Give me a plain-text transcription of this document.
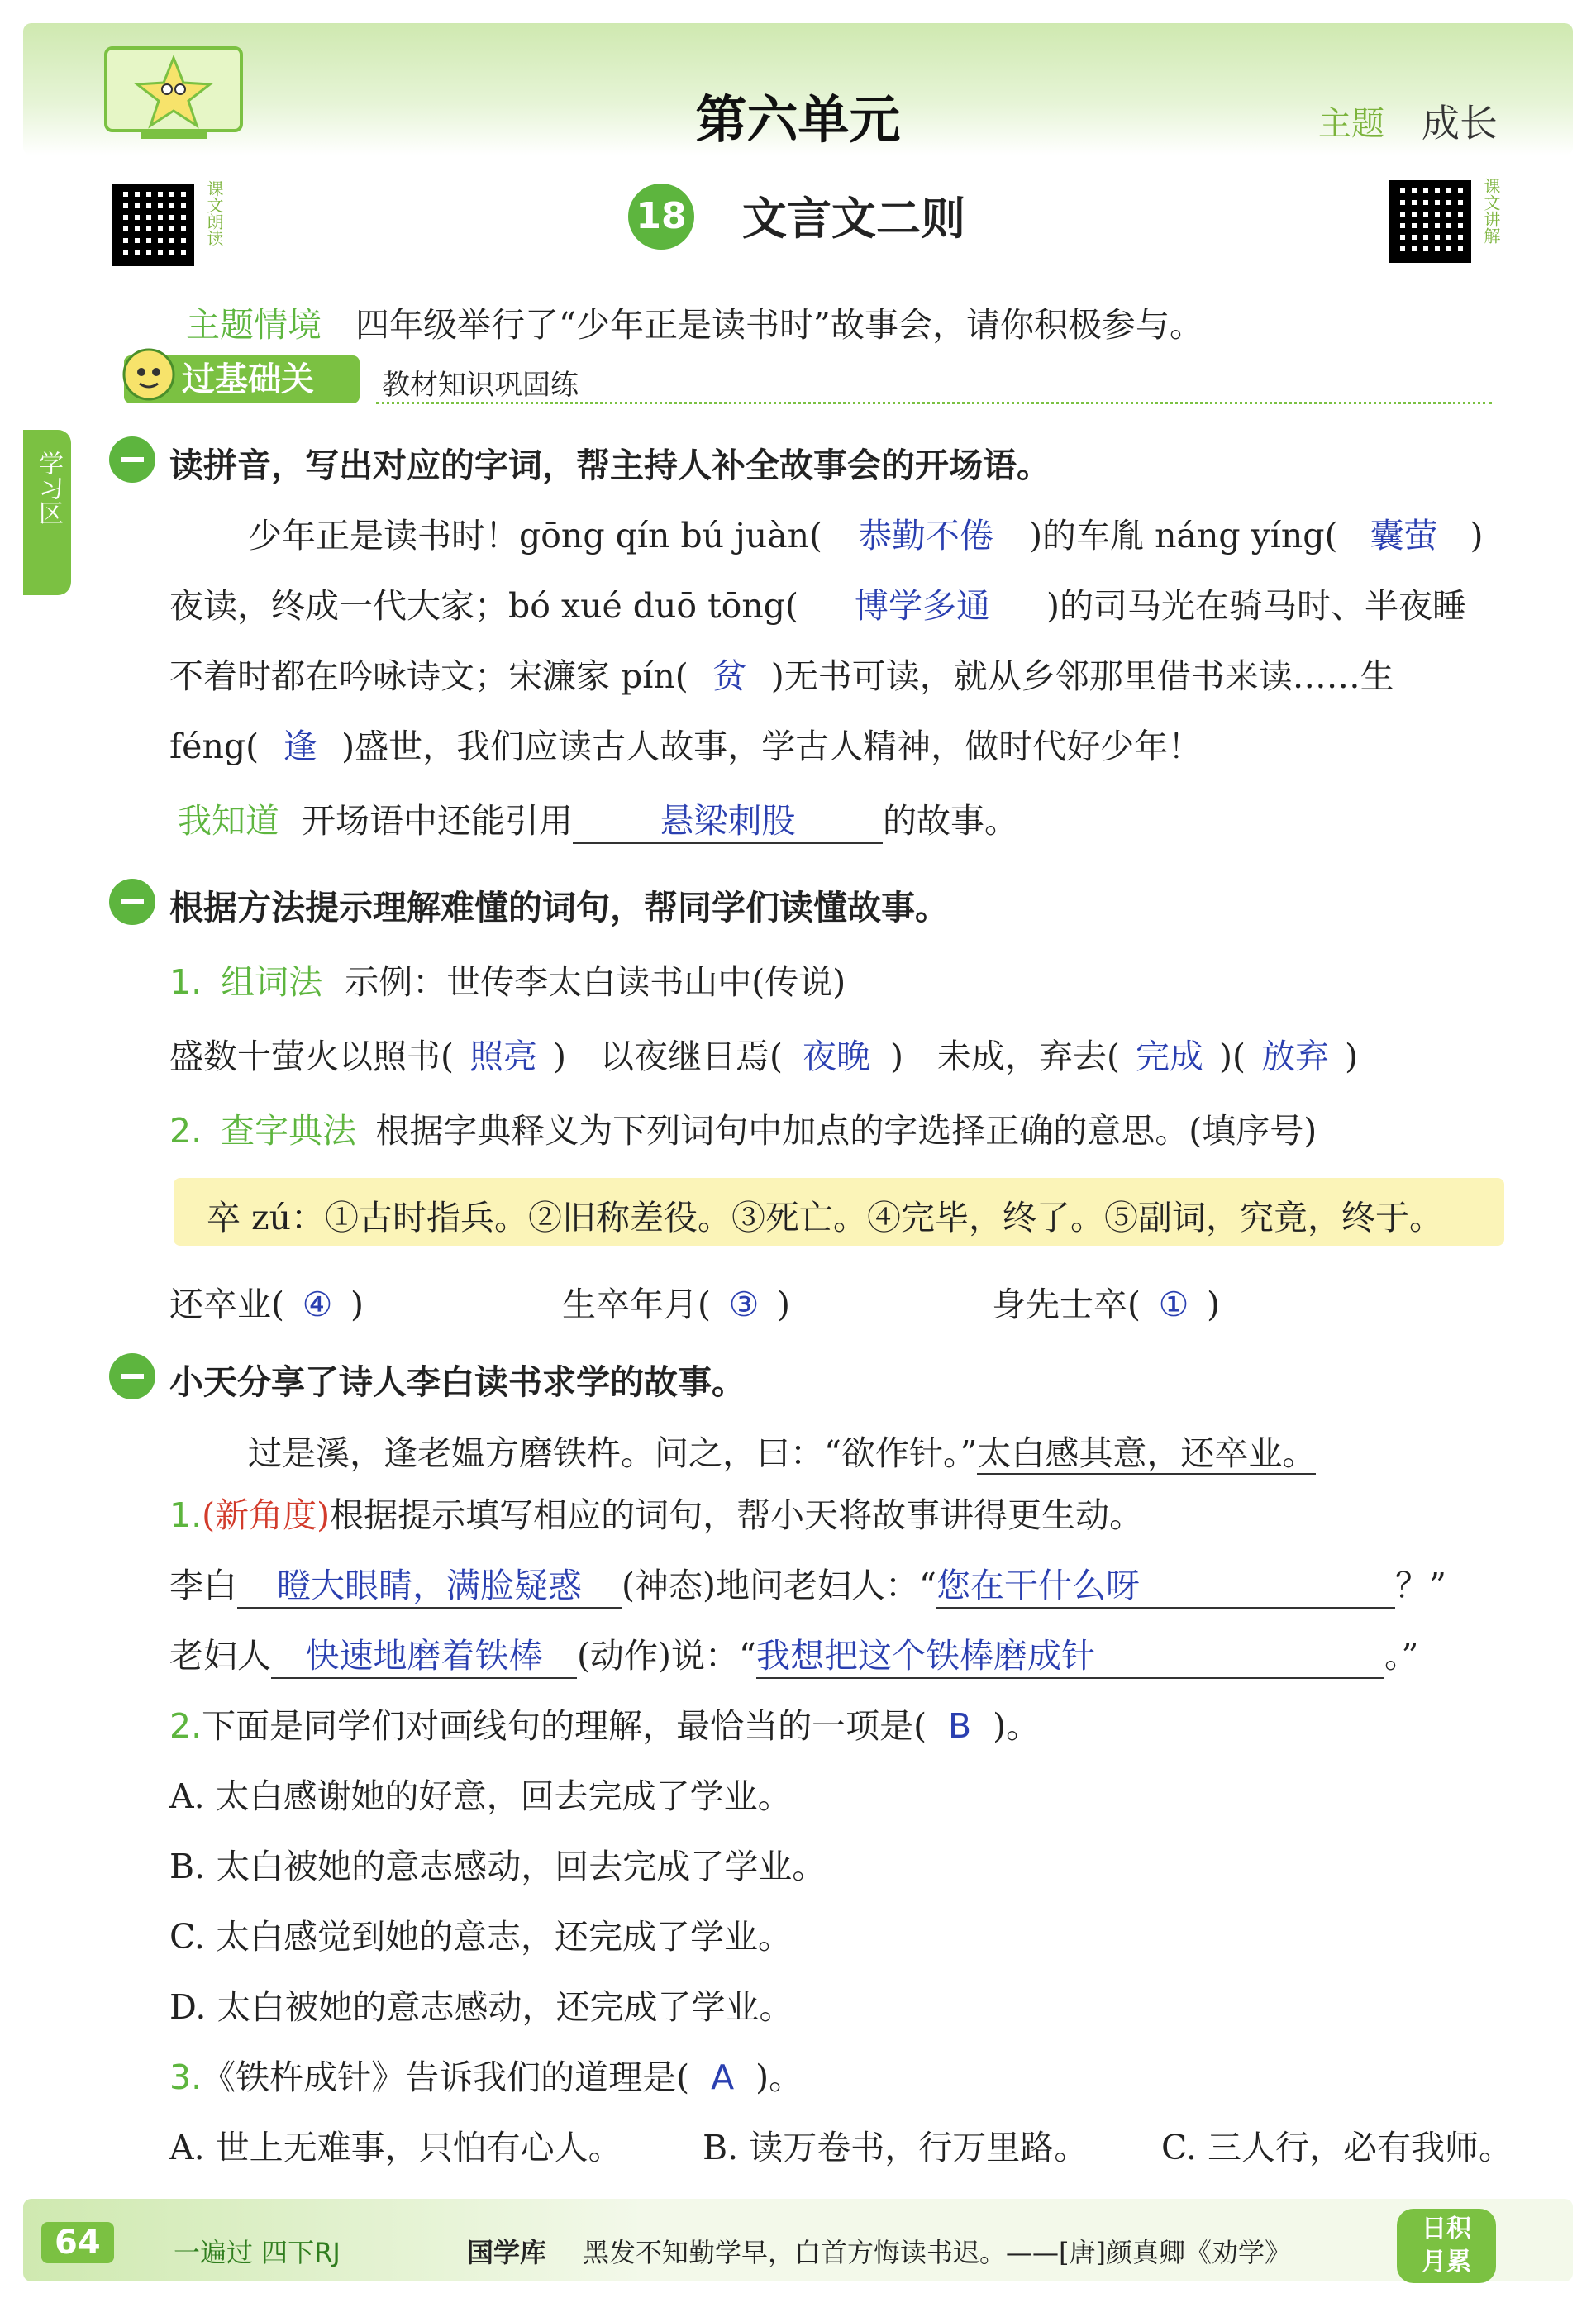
第六单元	主题 成长
课文朗读	18 文言文二则	课文讲解
学习区
主题情境 四年级举行了“少年正是读书时”故事会，请你积极参与。
过基础关	教材知识巩固练
读拼音，写出对应的字词，帮主持人补全故事会的开场语。
少年正是读书时！gōng qín bú juàn( 恭勤不倦 )的车胤 náng yíng( 囊萤 )
夜读，终成一代大家；bó xué duō tōng( 博学多通 )的司马光在骑马时、半夜睡
不着时都在吟咏诗文；宋濂家 pín( 贫 )无书可读，就从乡邻那里借书来读……生
féng( 逢 )盛世，我们应读古人故事，学古人精神，做时代好少年！
我知道 开场语中还能引用	悬梁刺股	的故事。
根据方法提示理解难懂的词句，帮同学们读懂故事。
1. 组词法 示例：世传李太白读书山中(传说)
盛数十萤火以照书( 照亮 )　以夜继日焉( 夜晚 )　未成，弃去( 完成 )( 放弃 )
2. 查字典法 根据字典释义为下列词句中加点的字选择正确的意思。(填序号)
卒 zú：①古时指兵。②旧称差役。③死亡。④完毕，终了。⑤副词，究竟，终于。
还卒业( ④ )	生卒年月( ③ )	身先士卒( ① )
小天分享了诗人李白读书求学的故事。
过是溪，逢老媪方磨铁杵。问之，曰：“欲作针。”太白感其意，还卒业。
1.(新角度)根据提示填写相应的词句，帮小天将故事讲得更生动。
李白 瞪大眼睛，满脸疑惑 (神态)地问老妇人：“您在干什么呀	？”
老妇人 快速地磨着铁棒 (动作)说：“我想把这个铁棒磨成针	。”
2.下面是同学们对画线句的理解，最恰当的一项是( B )。
A. 太白感谢她的好意，回去完成了学业。
B. 太白被她的意志感动，回去完成了学业。
C. 太白感觉到她的意志，还完成了学业。
D. 太白被她的意志感动，还完成了学业。
3.《铁杵成针》告诉我们的道理是( A )。
A. 世上无难事，只怕有心人。 B. 读万卷书，行万里路。 C. 三人行，必有我师。
64	一遍过 四下RJ	国学库 黑发不知勤学早，白首方悔读书迟。——[唐]颜真卿《劝学》
日积
月累
